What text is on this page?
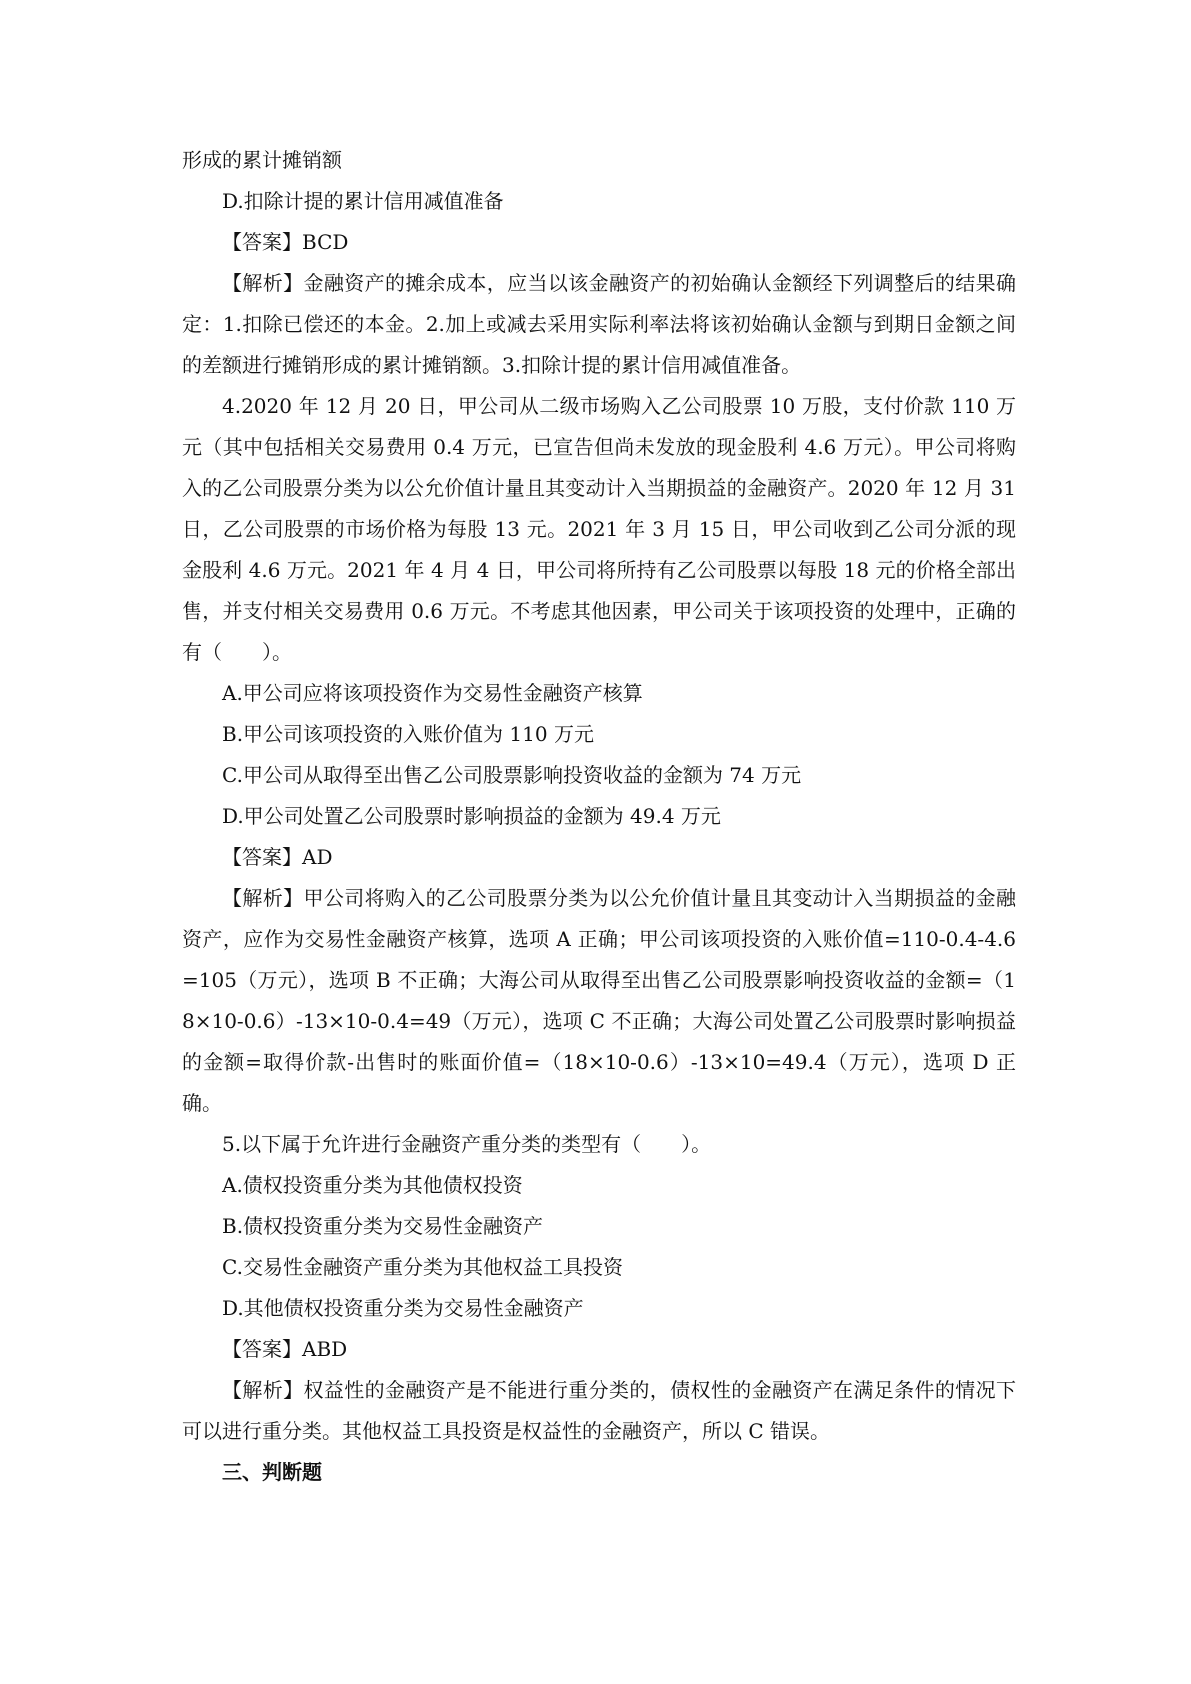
形成的累计摊销额

D.扣除计提的累计信用减值准备

【答案】BCD

【解析】金融资产的摊余成本，应当以该金融资产的初始确认金额经下列调整后的结果确定：1.扣除已偿还的本金。2.加上或减去采用实际利率法将该初始确认金额与到期日金额之间的差额进行摊销形成的累计摊销额。3.扣除计提的累计信用减值准备。

4.2020 年 12 月 20 日，甲公司从二级市场购入乙公司股票 10 万股，支付价款 110 万元（其中包括相关交易费用 0.4 万元，已宣告但尚未发放的现金股利 4.6 万元）。甲公司将购入的乙公司股票分类为以公允价值计量且其变动计入当期损益的金融资产。2020 年 12 月 31 日，乙公司股票的市场价格为每股 13 元。2021 年 3 月 15 日，甲公司收到乙公司分派的现金股利 4.6 万元。2021 年 4 月 4 日，甲公司将所持有乙公司股票以每股 18 元的价格全部出售，并支付相关交易费用 0.6 万元。不考虑其他因素，甲公司关于该项投资的处理中，正确的有（　　）。

A.甲公司应将该项投资作为交易性金融资产核算

B.甲公司该项投资的入账价值为 110 万元

C.甲公司从取得至出售乙公司股票影响投资收益的金额为 74 万元

D.甲公司处置乙公司股票时影响损益的金额为 49.4 万元

【答案】AD

【解析】甲公司将购入的乙公司股票分类为以公允价值计量且其变动计入当期损益的金融资产，应作为交易性金融资产核算，选项 A 正确；甲公司该项投资的入账价值=110-0.4-4.6=105（万元），选项 B 不正确；大海公司从取得至出售乙公司股票影响投资收益的金额=（18×10-0.6）-13×10-0.4=49（万元），选项 C 不正确；大海公司处置乙公司股票时影响损益的金额=取得价款-出售时的账面价值=（18×10-0.6）-13×10=49.4（万元），选项 D 正确。

5.以下属于允许进行金融资产重分类的类型有（　　）。

A.债权投资重分类为其他债权投资

B.债权投资重分类为交易性金融资产

C.交易性金融资产重分类为其他权益工具投资

D.其他债权投资重分类为交易性金融资产

【答案】ABD

【解析】权益性的金融资产是不能进行重分类的，债权性的金融资产在满足条件的情况下可以进行重分类。其他权益工具投资是权益性的金融资产，所以 C 错误。

三、判断题
